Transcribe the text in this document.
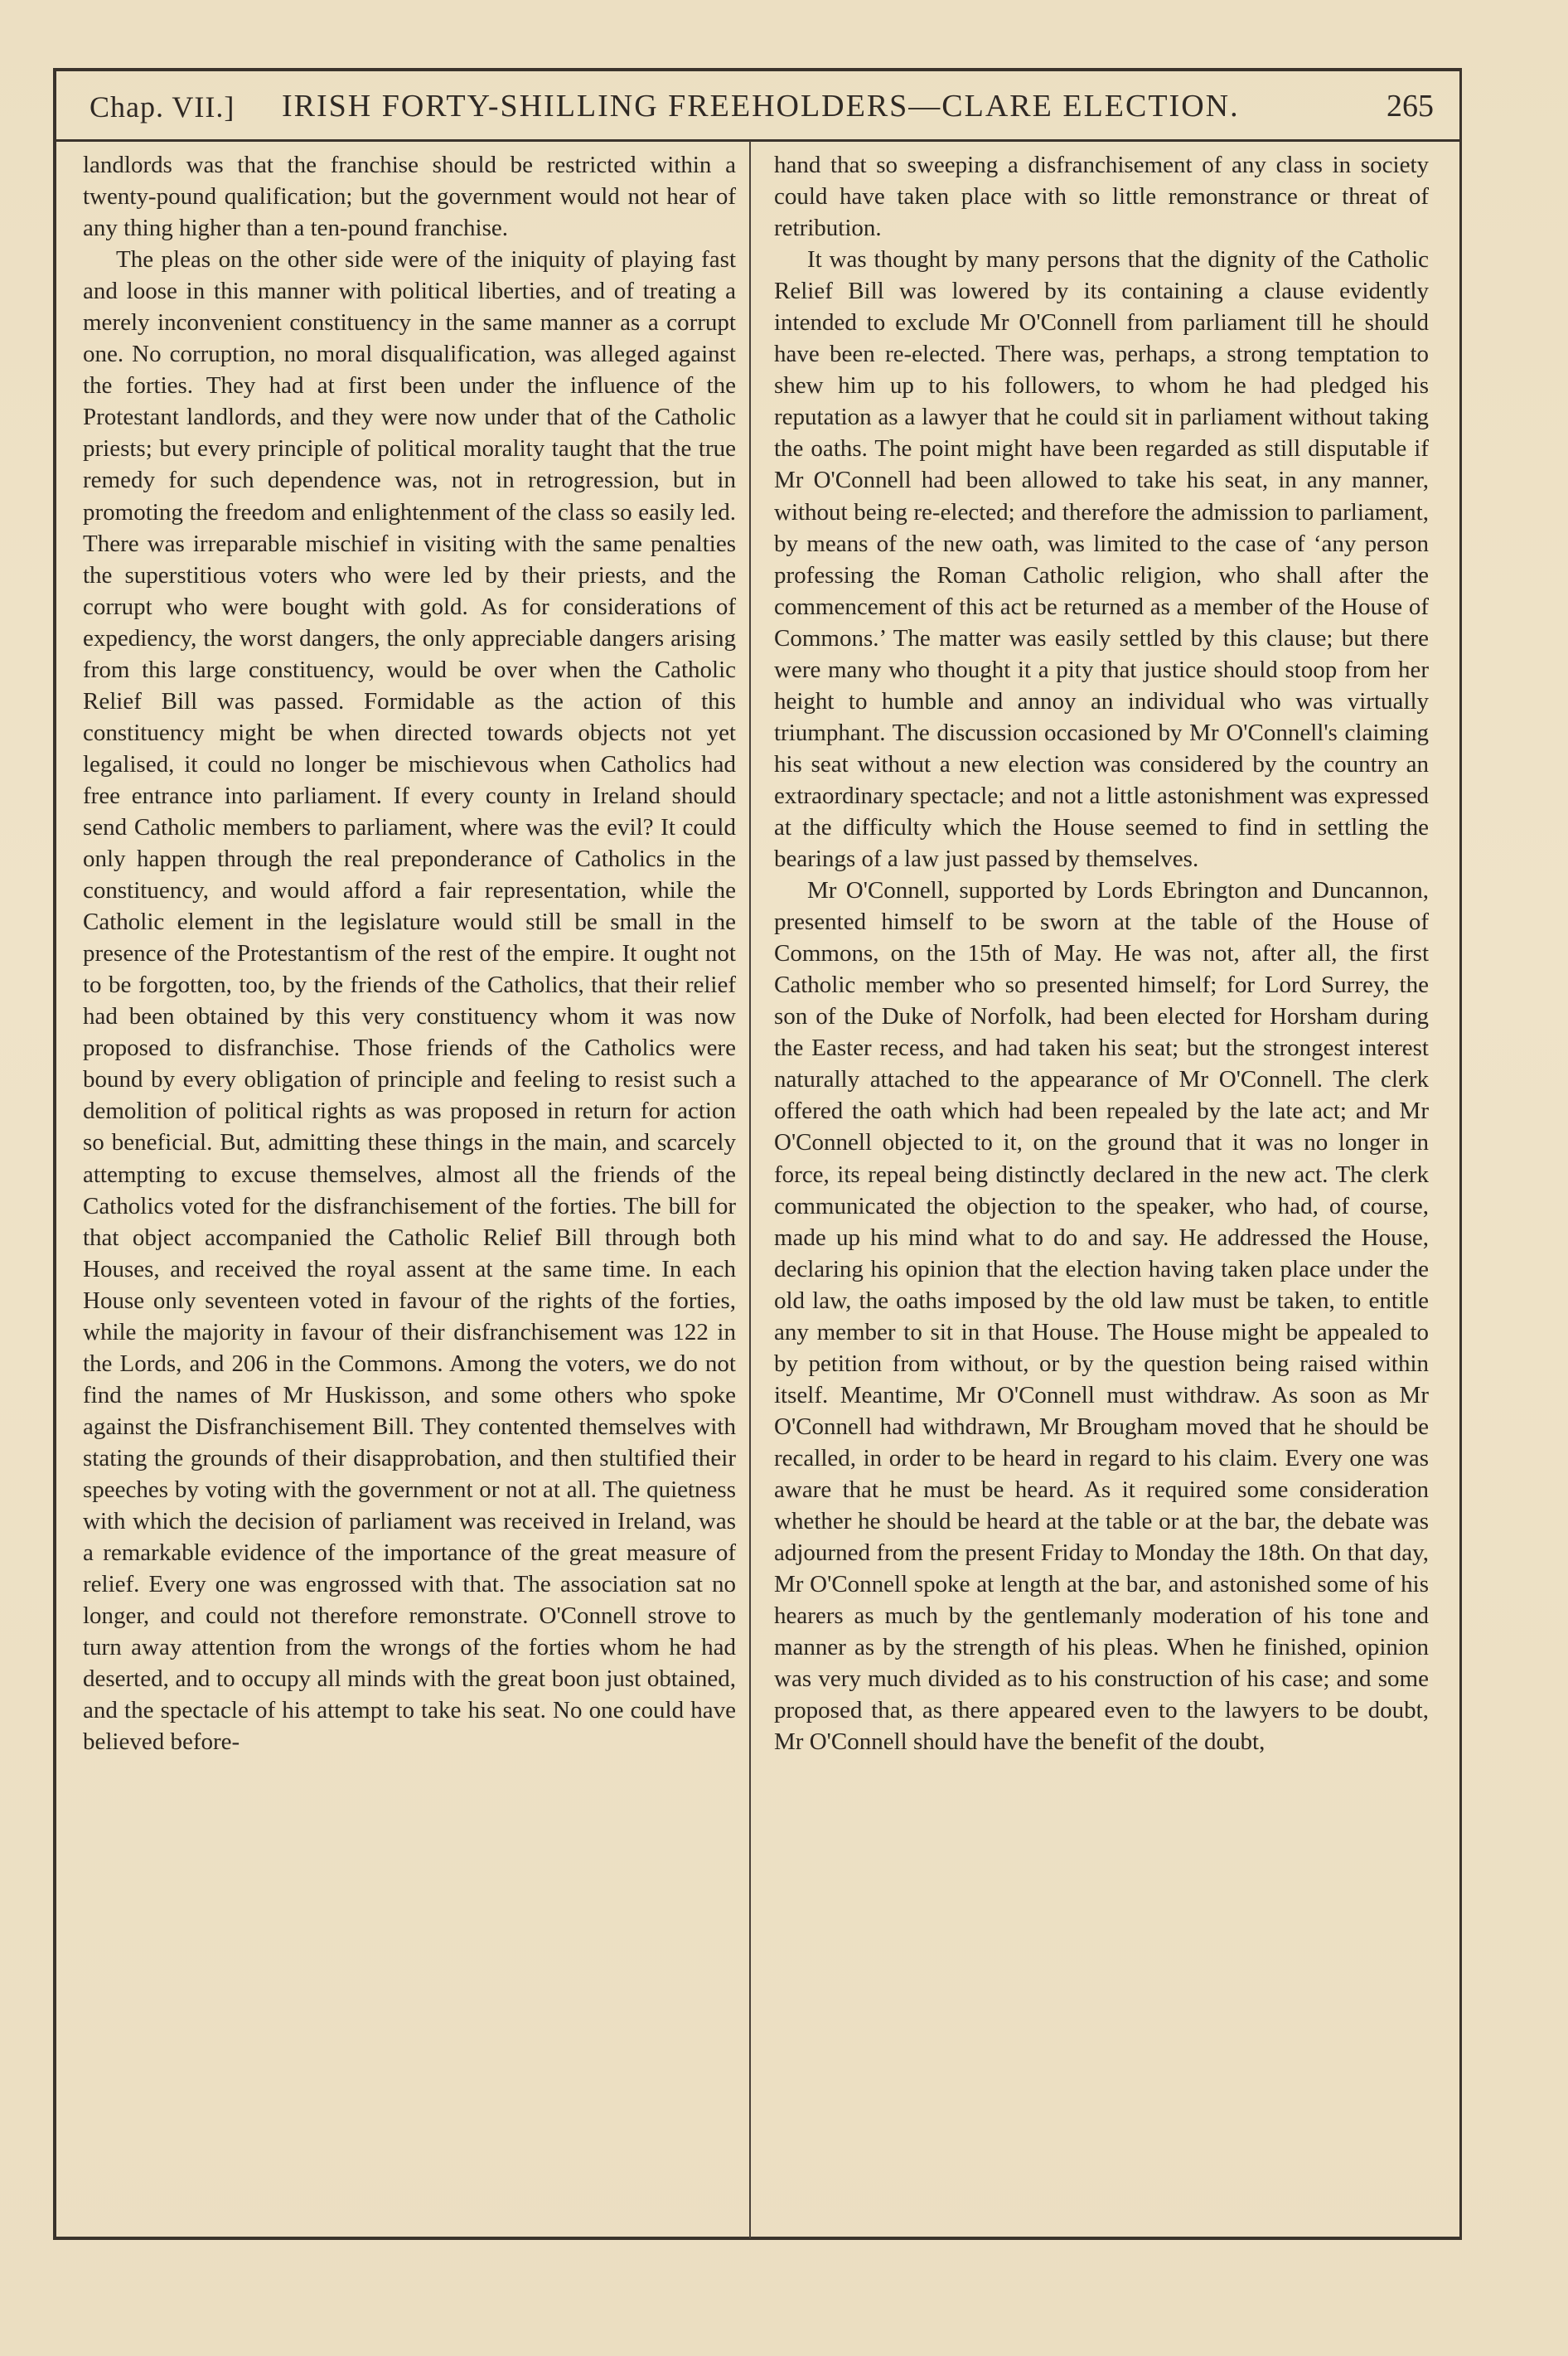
Chap. VII.] IRISH FORTY-SHILLING FREEHOLDERS—CLARE ELECTION.	265

landlords was that the franchise should be restricted within a twenty-pound qualification; but the government would not hear of any thing higher than a ten-pound franchise.

The pleas on the other side were of the iniquity of playing fast and loose in this manner with political liberties, and of treating a merely inconvenient constituency in the same manner as a corrupt one. No corruption, no moral disqualification, was alleged against the forties. They had at first been under the influence of the Protestant landlords, and they were now under that of the Catholic priests; but every principle of political morality taught that the true remedy for such dependence was, not in retrogression, but in promoting the freedom and enlightenment of the class so easily led. There was irreparable mischief in visiting with the same penalties the superstitious voters who were led by their priests, and the corrupt who were bought with gold. As for considerations of expediency, the worst dangers, the only appreciable dangers arising from this large constituency, would be over when the Catholic Relief Bill was passed. Formidable as the action of this constituency might be when directed towards objects not yet legalised, it could no longer be mischievous when Catholics had free entrance into parliament. If every county in Ireland should send Catholic members to parliament, where was the evil? It could only happen through the real preponderance of Catholics in the constituency, and would afford a fair representation, while the Catholic element in the legislature would still be small in the presence of the Protestantism of the rest of the empire. It ought not to be forgotten, too, by the friends of the Catholics, that their relief had been obtained by this very constituency whom it was now proposed to disfranchise. Those friends of the Catholics were bound by every obligation of principle and feeling to resist such a demolition of political rights as was proposed in return for action so beneficial. But, admitting these things in the main, and scarcely attempting to excuse themselves, almost all the friends of the Catholics voted for the disfranchisement of the forties. The bill for that object accompanied the Catholic Relief Bill through both Houses, and received the royal assent at the same time. In each House only seventeen voted in favour of the rights of the forties, while the majority in favour of their disfranchisement was 122 in the Lords, and 206 in the Commons. Among the voters, we do not find the names of Mr Huskisson, and some others who spoke against the Disfranchisement Bill. They contented themselves with stating the grounds of their disapprobation, and then stultified their speeches by voting with the government or not at all. The quietness with which the decision of parliament was received in Ireland, was a remarkable evidence of the importance of the great measure of relief. Every one was engrossed with that. The association sat no longer, and could not therefore remonstrate. O'Connell strove to turn away attention from the wrongs of the forties whom he had deserted, and to occupy all minds with the great boon just obtained, and the spectacle of his attempt to take his seat. No one could have believed before-

hand that so sweeping a disfranchisement of any class in society could have taken place with so little remonstrance or threat of retribution.

It was thought by many persons that the dignity of the Catholic Relief Bill was lowered by its containing a clause evidently intended to exclude Mr O'Connell from parliament till he should have been re-elected. There was, perhaps, a strong temptation to shew him up to his followers, to whom he had pledged his reputation as a lawyer that he could sit in parliament without taking the oaths. The point might have been regarded as still disputable if Mr O'Connell had been allowed to take his seat, in any manner, without being re-elected; and therefore the admission to parliament, by means of the new oath, was limited to the case of ‘any person professing the Roman Catholic religion, who shall after the commencement of this act be returned as a member of the House of Commons.’ The matter was easily settled by this clause; but there were many who thought it a pity that justice should stoop from her height to humble and annoy an individual who was virtually triumphant. The discussion occasioned by Mr O'Connell's claiming his seat without a new election was considered by the country an extraordinary spectacle; and not a little astonishment was expressed at the difficulty which the House seemed to find in settling the bearings of a law just passed by themselves.

Mr O'Connell, supported by Lords Ebrington and Duncannon, presented himself to be sworn at the table of the House of Commons, on the 15th of May. He was not, after all, the first Catholic member who so presented himself; for Lord Surrey, the son of the Duke of Norfolk, had been elected for Horsham during the Easter recess, and had taken his seat; but the strongest interest naturally attached to the appearance of Mr O'Connell. The clerk offered the oath which had been repealed by the late act; and Mr O'Connell objected to it, on the ground that it was no longer in force, its repeal being distinctly declared in the new act. The clerk communicated the objection to the speaker, who had, of course, made up his mind what to do and say. He addressed the House, declaring his opinion that the election having taken place under the old law, the oaths imposed by the old law must be taken, to entitle any member to sit in that House. The House might be appealed to by petition from without, or by the question being raised within itself. Meantime, Mr O'Connell must withdraw. As soon as Mr O'Connell had withdrawn, Mr Brougham moved that he should be recalled, in order to be heard in regard to his claim. Every one was aware that he must be heard. As it required some consideration whether he should be heard at the table or at the bar, the debate was adjourned from the present Friday to Monday the 18th. On that day, Mr O'Connell spoke at length at the bar, and astonished some of his hearers as much by the gentlemanly moderation of his tone and manner as by the strength of his pleas. When he finished, opinion was very much divided as to his construction of his case; and some proposed that, as there appeared even to the lawyers to be doubt, Mr O'Connell should have the benefit of the doubt,
